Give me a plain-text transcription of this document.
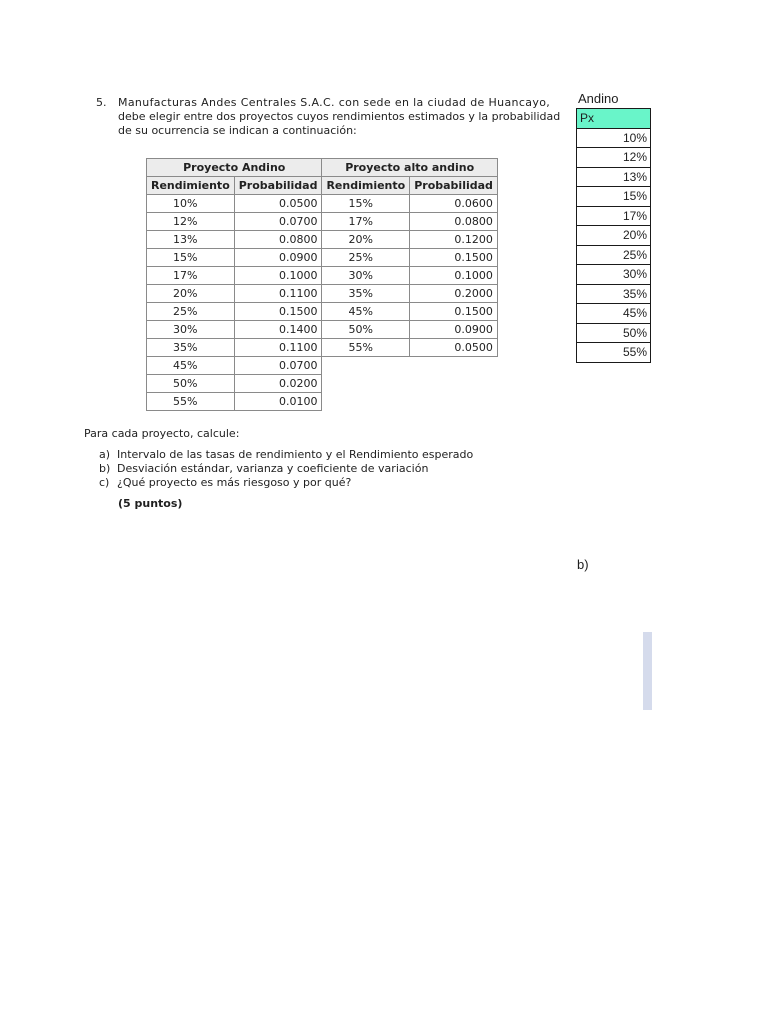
5. Manufacturas Andes Centrales S.A.C. con sede en la ciudad de Huancayo,
debe elegir entre dos proyectos cuyos rendimientos estimados y la probabilidad
de su ocurrencia se indican a continuación:
Proyecto Andino		Proyecto alto andino	
Rendimiento	Probabilidad	Rendimiento	Probabilidad
10%	0.0500	15%	0.0600
12%	0.0700	17%	0.0800
13%	0.0800	20%	0.1200
15%	0.0900	25%	0.1500
17%	0.1000	30%	0.1000
20%	0.1100	35%	0.2000
25%	0.1500	45%	0.1500
30%	0.1400	50%	0.0900
35%	0.1100	55%	0.0500
45%	0.0700		
50%	0.0200		
55%	0.0100		
Para cada proyecto, calcule:
a) Intervalo de las tasas de rendimiento y el Rendimiento esperado
b) Desviación estándar, varianza y coeficiente de variación
c) ¿Qué proyecto es más riesgoso y por qué?
(5 puntos)
Andino
Px
10%
12%
13%
15%
17%
20%
25%
30%
35%
45%
50%
55%
b)
